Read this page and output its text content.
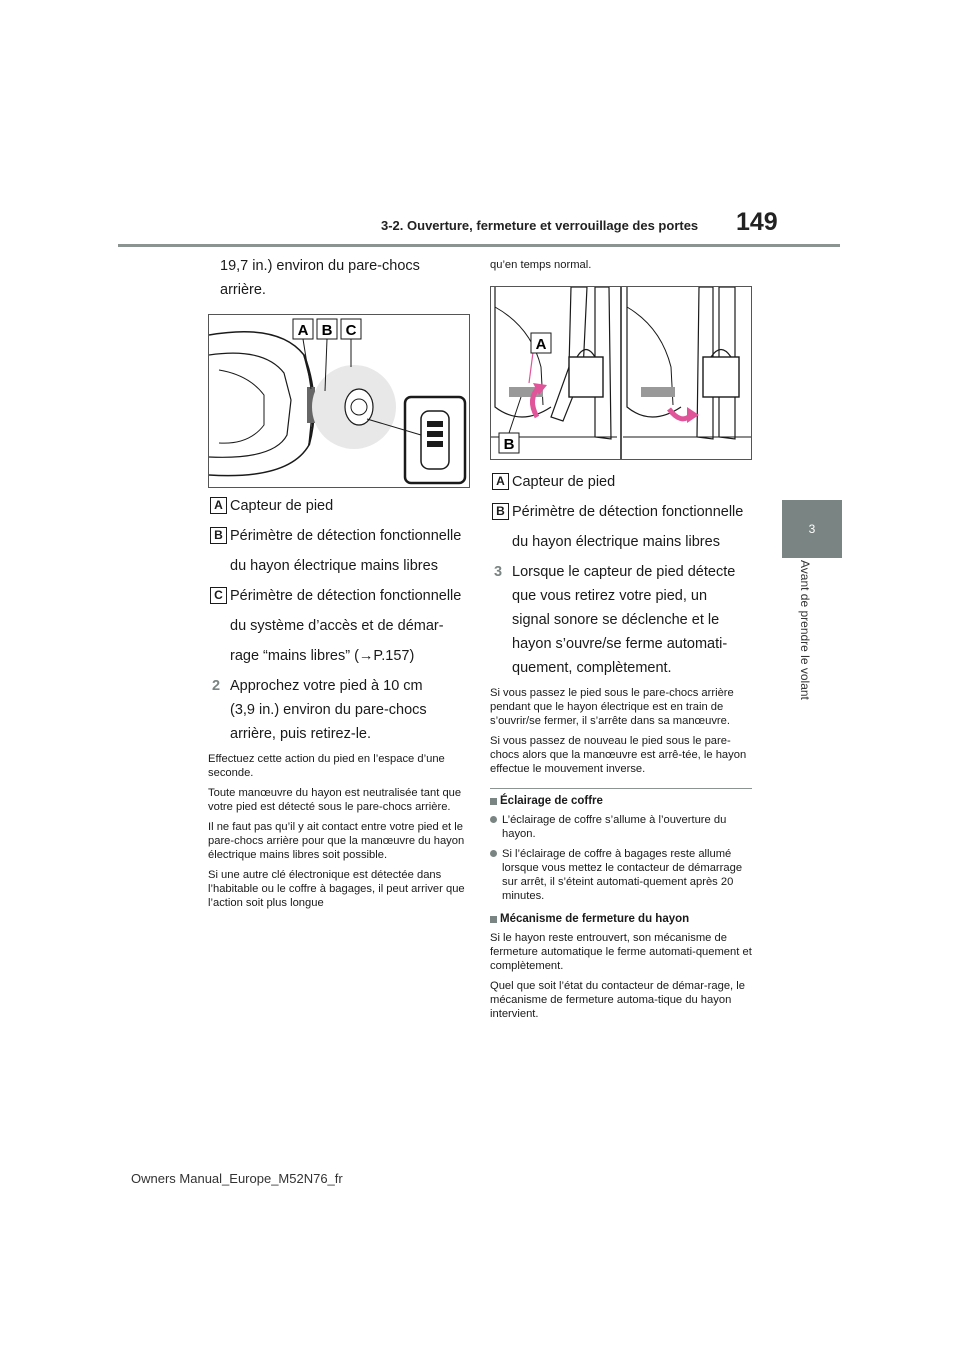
3-2. Ouverture, fermeture et verrouillage des portes 149
3
Avant de prendre le volant
19,7 in.) environ du pare-chocs
arrière.
A B C
A Capteur de pied
B Périmètre de détection fonctionnelle
du hayon électrique mains libres
C Périmètre de détection fonctionnelle
du système d’accès et de démar-
rage “mains libres” (→P.157)
2 Approchez votre pied à 10 cm
(3,9 in.) environ du pare-chocs
arrière, puis retirez-le.
Effectuez cette action du pied en l’espace d’une seconde.
Toute manœuvre du hayon est neutralisée tant que votre pied est détecté sous le pare-chocs arrière.
Il ne faut pas qu’il y ait contact entre votre pied et le pare-chocs arrière pour que la manœuvre du hayon électrique mains libres soit possible.
Si une autre clé électronique est détectée dans l’habitable ou le coffre à bagages, il peut arriver que l’action soit plus longue
qu’en temps normal.
A
B
A Capteur de pied
B Périmètre de détection fonctionnelle
du hayon électrique mains libres
3 Lorsque le capteur de pied détecte
que vous retirez votre pied, un
signal sonore se déclenche et le
hayon s’ouvre/se ferme automati-
quement, complètement.
Si vous passez le pied sous le pare-chocs arrière pendant que le hayon électrique est en train de s’ouvrir/se fermer, il s’arrête dans sa manœuvre.
Si vous passez de nouveau le pied sous le pare-chocs alors que la manœuvre est arrê-tée, le hayon effectue le mouvement inverse.
Éclairage de coffre
L’éclairage de coffre s’allume à l’ouverture du hayon.
Si l’éclairage de coffre à bagages reste allumé lorsque vous mettez le contacteur de démarrage sur arrêt, il s’éteint automati-quement après 20 minutes.
Mécanisme de fermeture du hayon
Si le hayon reste entrouvert, son mécanisme de fermeture automatique le ferme automati-quement et complètement.
Quel que soit l’état du contacteur de démar-rage, le mécanisme de fermeture automa-tique du hayon intervient.
Owners Manual_Europe_M52N76_fr
